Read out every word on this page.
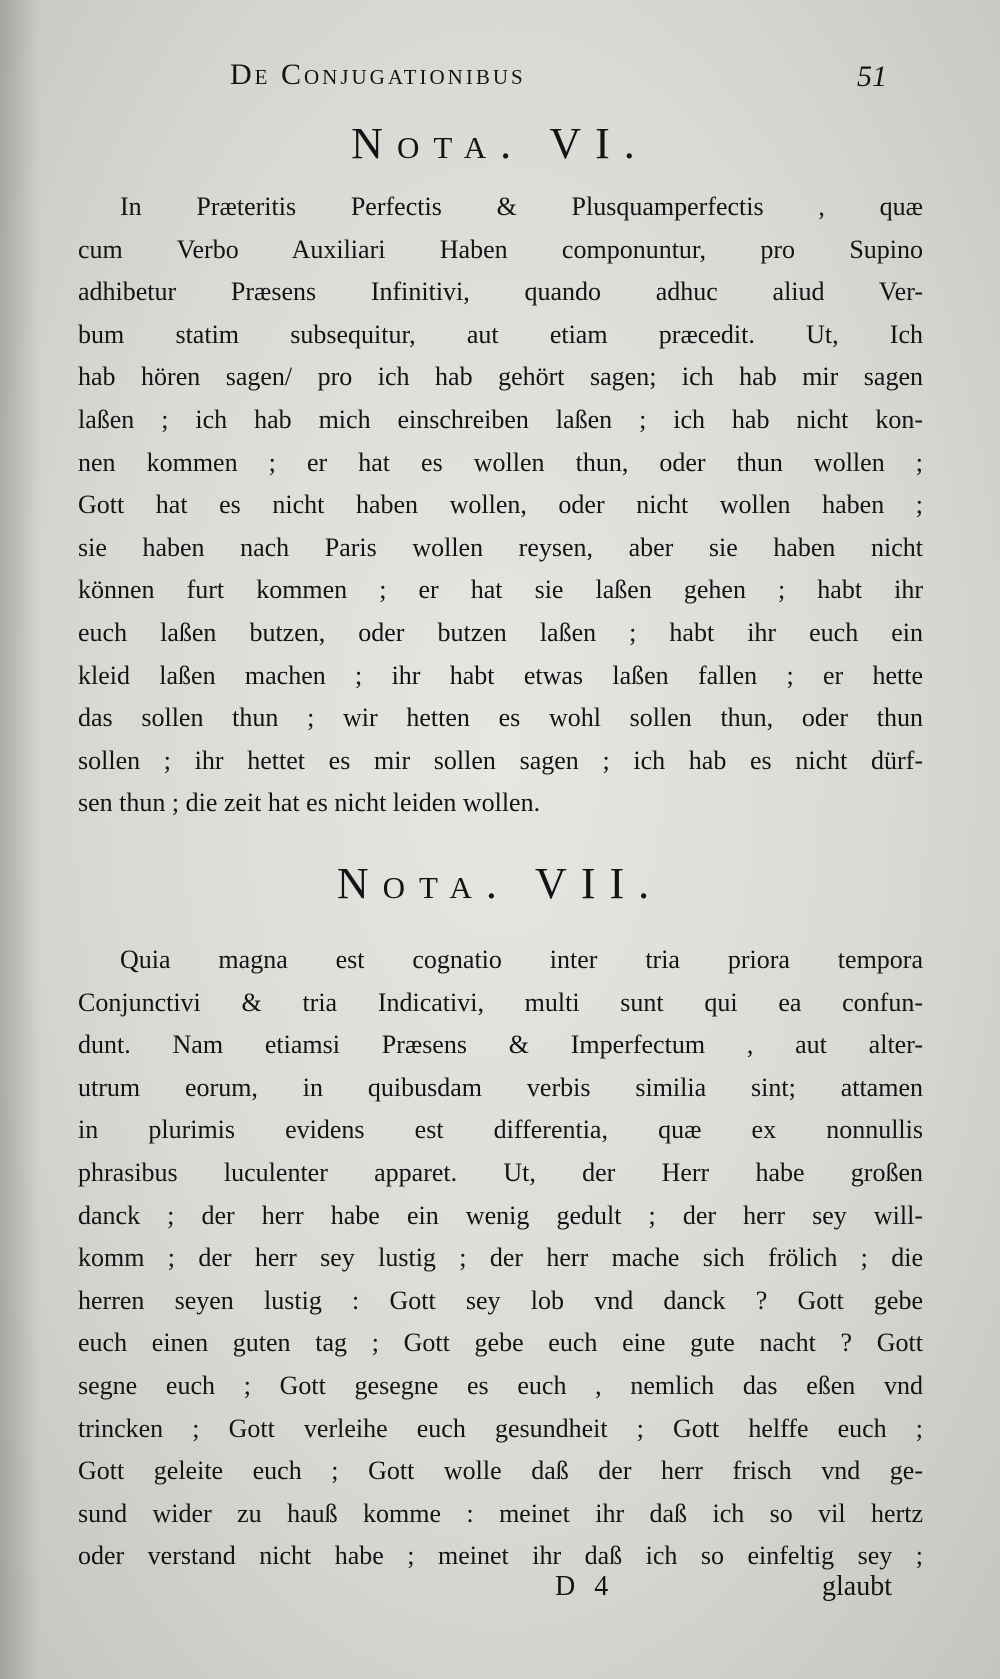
De Conjugationibus	51
Nota. VI.
In Præteritis Perfectis & Plusquamperfectis , quæ
cum Verbo Auxiliari Haben componuntur, pro Supino
adhibetur Præsens Infinitivi, quando adhuc aliud Ver-
bum statim subsequitur, aut etiam præcedit. Ut, Ich
hab hören sagen/ pro ich hab gehört sagen; ich hab mir sagen
laßen ; ich hab mich einschreiben laßen ; ich hab nicht kon-
nen kommen ; er hat es wollen thun, oder thun wollen ;
Gott hat es nicht haben wollen, oder nicht wollen haben ;
sie haben nach Paris wollen reysen, aber sie haben nicht
können furt kommen ; er hat sie laßen gehen ; habt ihr
euch laßen butzen, oder butzen laßen ; habt ihr euch ein
kleid laßen machen ; ihr habt etwas laßen fallen ; er hette
das sollen thun ; wir hetten es wohl sollen thun, oder thun
sollen ; ihr hettet es mir sollen sagen ; ich hab es nicht dürf-
sen thun ; die zeit hat es nicht leiden wollen.
Nota. VII.
Quia magna est cognatio inter tria priora tempora
Conjunctivi & tria Indicativi, multi sunt qui ea confun-
dunt. Nam etiamsi Præsens & Imperfectum , aut alter-
utrum eorum, in quibusdam verbis similia sint; attamen
in plurimis evidens est differentia, quæ ex nonnullis
phrasibus luculenter apparet. Ut, der Herr habe großen
danck ; der herr habe ein wenig gedult ; der herr sey will-
komm ; der herr sey lustig ; der herr mache sich frölich ; die
herren seyen lustig : Gott sey lob vnd danck ? Gott gebe
euch einen guten tag ; Gott gebe euch eine gute nacht ? Gott
segne euch ; Gott gesegne es euch , nemlich das eßen vnd
trincken ; Gott verleihe euch gesundheit ; Gott helffe euch ;
Gott geleite euch ; Gott wolle daß der herr frisch vnd ge-
sund wider zu hauß komme : meinet ihr daß ich so vil hertz
oder verstand nicht habe ; meinet ihr daß ich so einfeltig sey ;
D 4	glaubt
